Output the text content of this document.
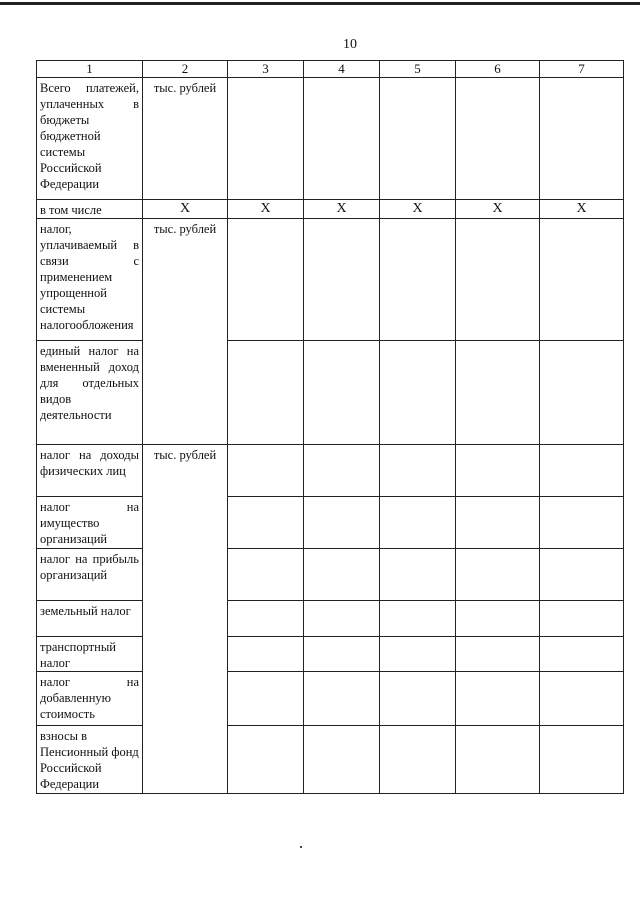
10
1	2	3	4	5	6	7
Всего платежей, уплаченных в бюджеты бюджетной системы Российской Федерации	тыс. рублей					
в том числе	Х	Х	Х	Х	Х	Х
налог, уплачиваемый в связи с применением упрощенной системы налогообложения	тыс. рублей					
единый налог на вмененный доход для отдельных видов деятельности						
налог на доходы физических лиц	тыс. рублей					
налог на имущество организаций						
налог на прибыль организаций						
земельный налог						
транспортный налог						
налог на добавленную стоимость						
взносы в Пенсионный фонд Российской Федерации						
